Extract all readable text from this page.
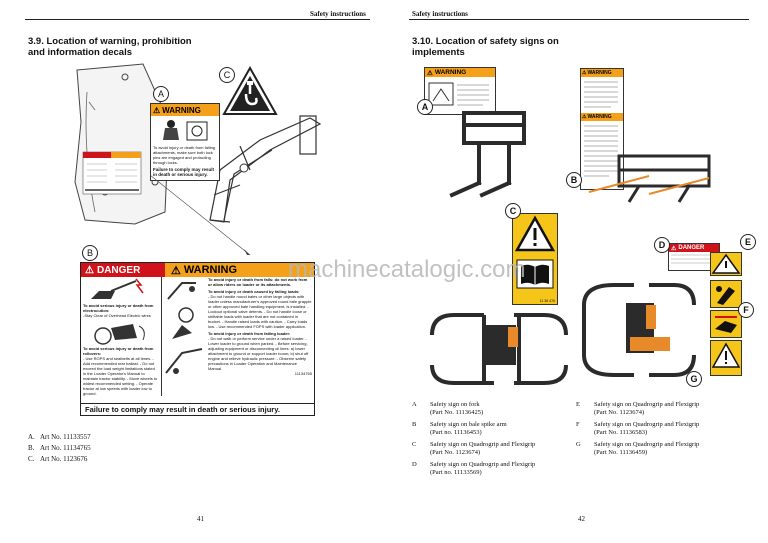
Safety instructions
3.9. Location of warning, prohibition
and information decals
⚠ WARNING
To avoid injury or death from falling attachments, make sure both lock pins are engaged and protruding through locks.
Failure to comply may result in death or serious injury.
A
B
C
⚠ DANGER	⚠ WARNING
To avoid serious injury or death from electrocution:
-Stay Clear of Overhead Electric wires
To avoid serious injury or death from rollovers:
- Use ROPS and seatbelts at all times. - Add recommended rear ballast. - Do not exceed the load weight limitations stated in the Loader Operator's Manual to maintain tractor stability. - Move wheels to widest recommended setting. - Operate tractor at low speeds with loader low to ground.
To avoid injury or death from falls: do not work from or allow riders on loader or its attachments.
To avoid injury or death caused by falling loads:
- Do not handle round bales or other large objects with loader unless manufacturer's approved round bale grapple or other approved bale handling equipment, is installed. - Lockout optional valve detents. - Do not handle loose or shiftable loads with loader that are not contained in bucket. - Handle raised loads with caution. - Carry loads low. - Use recommended FOPS with loader application.
To avoid injury or death from falling loader:
- Do not walk or perform service under a raised loader. - Lower loader to ground when parked. - Before servicing, adjusting equipment or disconnecting oil lines: a) lower attachment to ground or support loader boom; b) shut off engine and relieve hydraulic pressure. - Observe safety precautions in Loader Operation and Maintenance Manual.
11134765
Failure to comply may result in death or serious injury.
A. Art No. 11133557
B. Art No. 11134765
C. Art No. 1123676
41
Safety instructions
3.10. Location of safety signs on
implements
⚠ WARNING	⚠ WARNING
⚠ WARNING
11 36 476
⚠ DANGER
A
B
C
D	E
F
G
A	Safety sign on fork
(Part No. 11136425)
B	Safety sign on bale spike arm
(Part no. 11136453)
C	Safety sign on Quadrogrip and Flexigrip
(Part No. 1123674)
D	Safety sign on Quadrogrip and Flexigrip
(Part no. 11133569)
E	Safety sign on Quadrogrip and Flexigrip
(Part No. 1123674)
F	Safety sign on Quadrogrip and Flexigrip
(Part No. 11136583)
G	Safety sign on Quadrogrip and Flexigrip
(Part No. 11136459)
42
machinecatalogic.com
